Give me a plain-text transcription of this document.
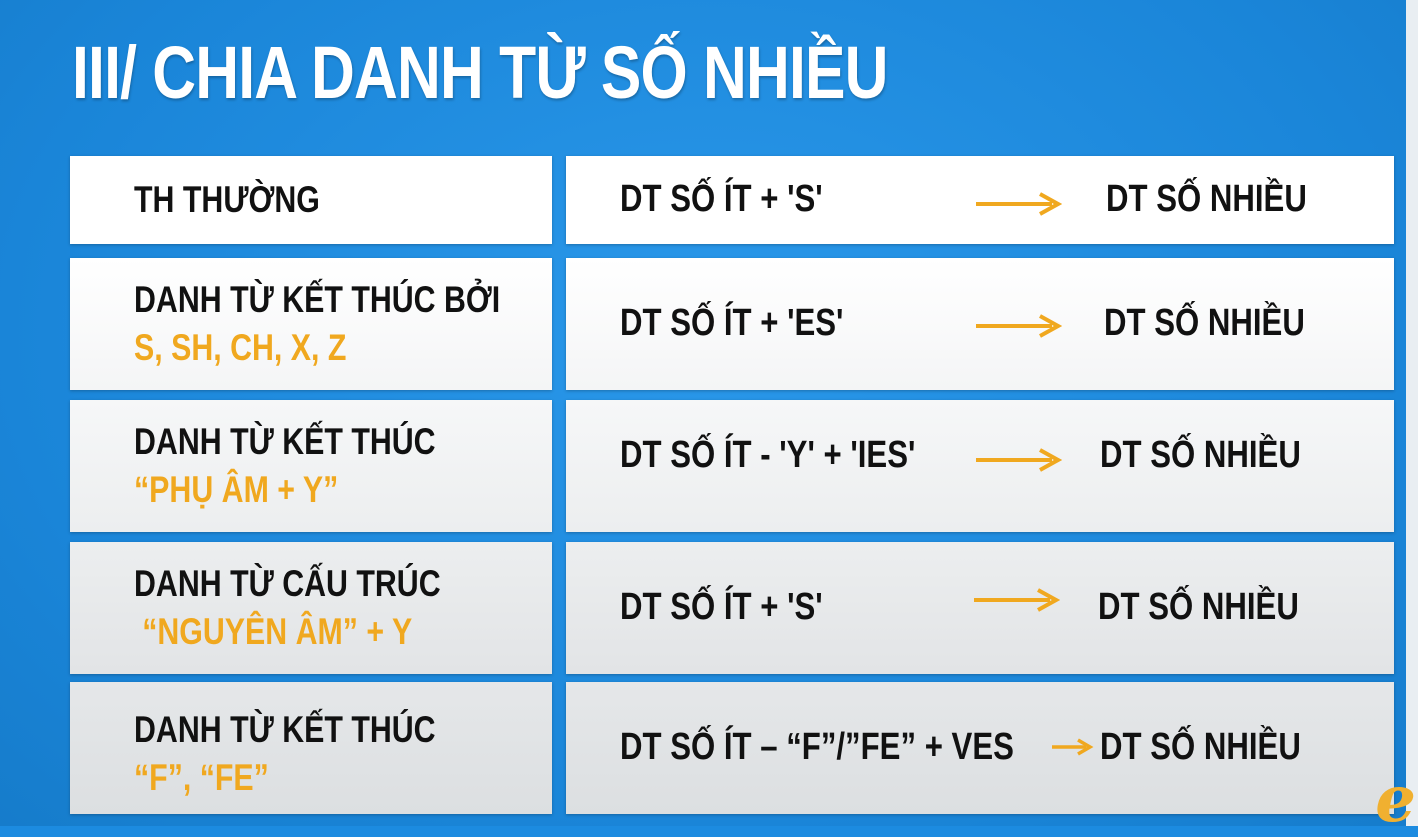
III/ CHIA DANH TỪ SỐ NHIỀU
TH THƯỜNG	DT SỐ ÍT + 'S'	DT SỐ NHIỀU
DANH TỪ KẾT THÚC BỞI
S, SH, CH, X, Z
DT SỐ ÍT + 'ES'	DT SỐ NHIỀU
DANH TỪ KẾT THÚC
“PHỤ ÂM + Y”
DT SỐ ÍT - 'Y' + 'IES'	DT SỐ NHIỀU
DANH TỪ CẤU TRÚC
“NGUYÊN ÂM” + Y
DT SỐ ÍT + 'S'	DT SỐ NHIỀU
DANH TỪ KẾT THÚC
“F”, “FE”
DT SỐ ÍT – “F”/”FE” + VES DT SỐ NHIỀU
e
